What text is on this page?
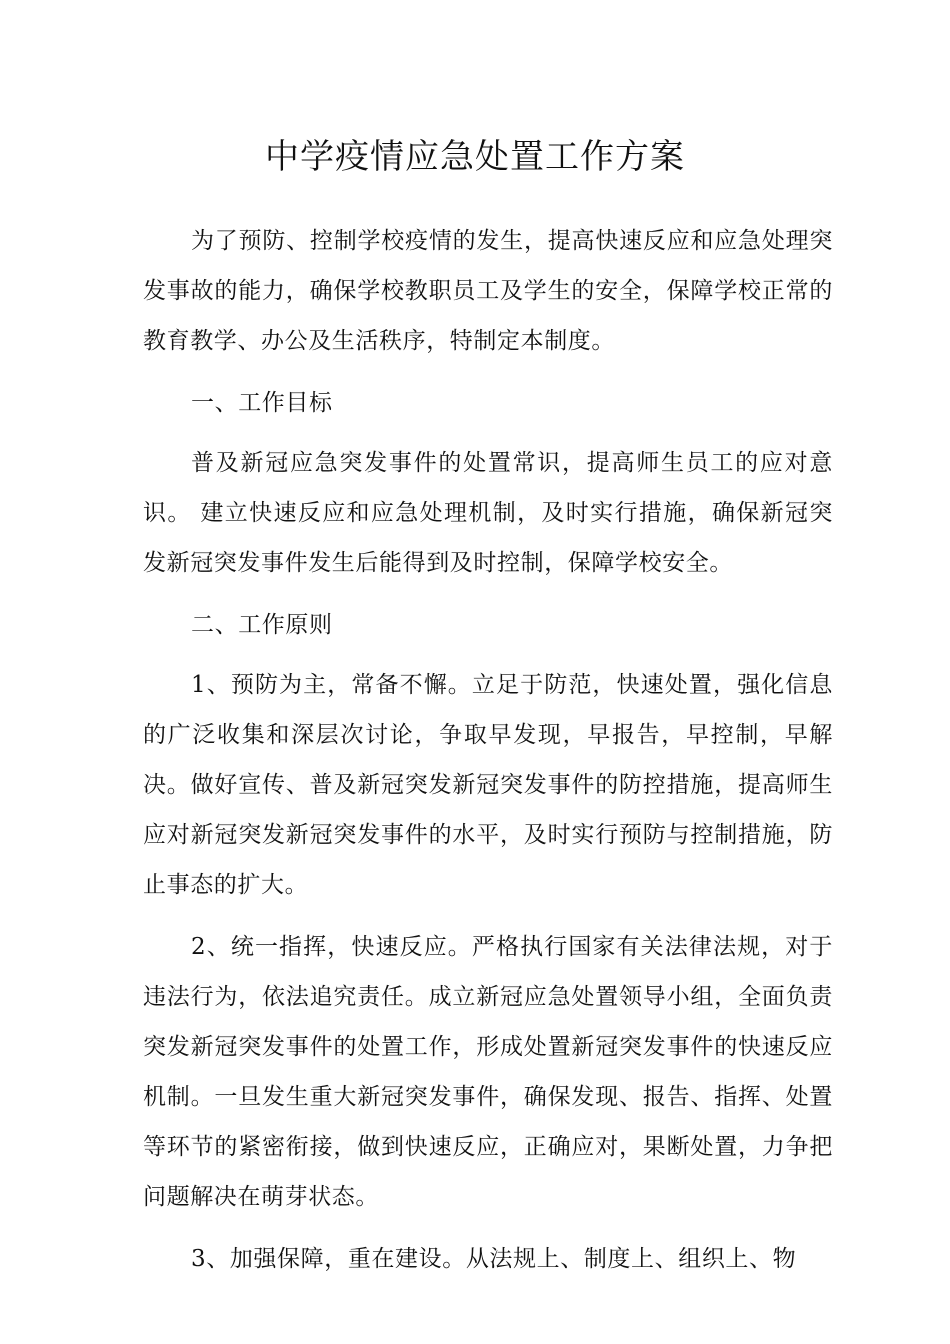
中学疫情应急处置工作方案

为了预防、控制学校疫情的发生，提高快速反应和应急处理突发事故的能力，确保学校教职员工及学生的安全，保障学校正常的教育教学、办公及生活秩序，特制定本制度。

一、工作目标

普及新冠应急突发事件的处置常识，提高师生员工的应对意识。 建立快速反应和应急处理机制，及时实行措施，确保新冠突发新冠突发事件发生后能得到及时控制，保障学校安全。

二、工作原则

1、预防为主，常备不懈。立足于防范，快速处置，强化信息的广泛收集和深层次讨论，争取早发现，早报告，早控制，早解决。做好宣传、普及新冠突发新冠突发事件的防控措施，提高师生应对新冠突发新冠突发事件的水平，及时实行预防与控制措施，防止事态的扩大。

2、统一指挥，快速反应。严格执行国家有关法律法规，对于违法行为，依法追究责任。成立新冠应急处置领导小组，全面负责突发新冠突发事件的处置工作，形成处置新冠突发事件的快速反应机制。一旦发生重大新冠突发事件，确保发现、报告、指挥、处置等环节的紧密衔接，做到快速反应，正确应对，果断处置，力争把问题解决在萌芽状态。

3、加强保障，重在建设。从法规上、制度上、组织上、物
